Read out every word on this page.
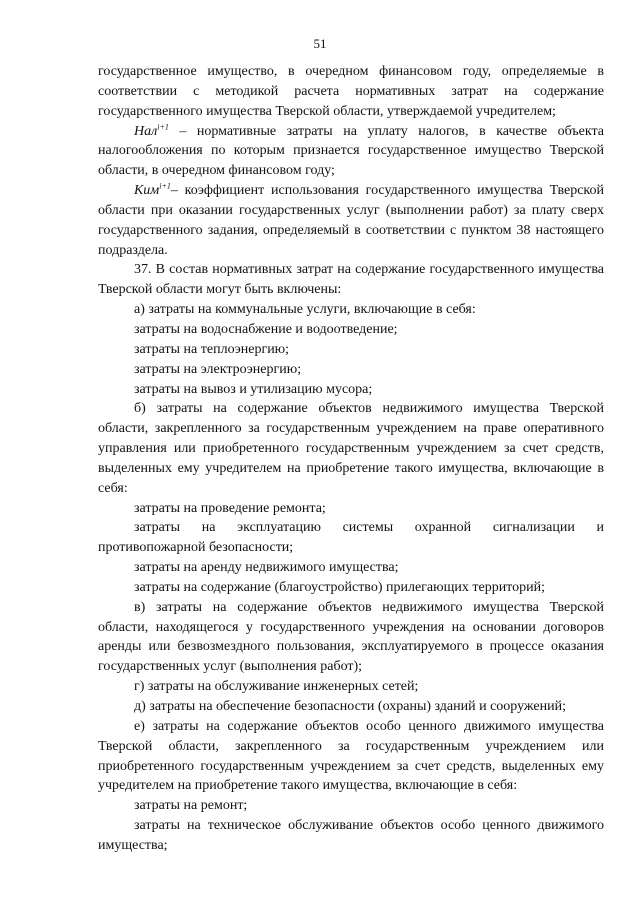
51

государственное имущество, в очередном финансовом году, определяемые в соответствии с методикой расчета нормативных затрат на содержание государственного имущества Тверской области, утверждаемой учредителем;

Нал$^{i+1}$ – нормативные затраты на уплату налогов, в качестве объекта налогообложения по которым признается государственное имущество Тверской области, в очередном финансовом году;

Кuм$^{i+1}$– коэффициент использования государственного имущества Тверской области при оказании государственных услуг (выполнении работ) за плату сверх государственного задания, определяемый в соответствии с пунктом 38 настоящего подраздела.

37. В состав нормативных затрат на содержание государственного имущества Тверской области могут быть включены:

а) затраты на коммунальные услуги, включающие в себя:

затраты на водоснабжение и водоотведение;

затраты на теплоэнергию;

затраты на электроэнергию;

затраты на вывоз и утилизацию мусора;

б) затраты на содержание объектов недвижимого имущества Тверской области, закрепленного за государственным учреждением на праве оперативного управления или приобретенного государственным учреждением за счет средств, выделенных ему учредителем на приобретение такого имущества, включающие в себя:

затраты на проведение ремонта;

затраты на эксплуатацию системы охранной сигнализации и противопожарной безопасности;

затраты на аренду недвижимого имущества;

затраты на содержание (благоустройство) прилегающих территорий;

в) затраты на содержание объектов недвижимого имущества Тверской области, находящегося у государственного учреждения на основании договоров аренды или безвозмездного пользования, эксплуатируемого в процессе оказания государственных услуг (выполнения работ);

г) затраты на обслуживание инженерных сетей;

д) затраты на обеспечение безопасности (охраны) зданий и сооружений;

е) затраты на содержание объектов особо ценного движимого имущества Тверской области, закрепленного за государственным учреждением или приобретенного государственным учреждением за счет средств, выделенных ему учредителем на приобретение такого имущества, включающие в себя:

затраты на ремонт;

затраты на техническое обслуживание объектов особо ценного движимого имущества;
